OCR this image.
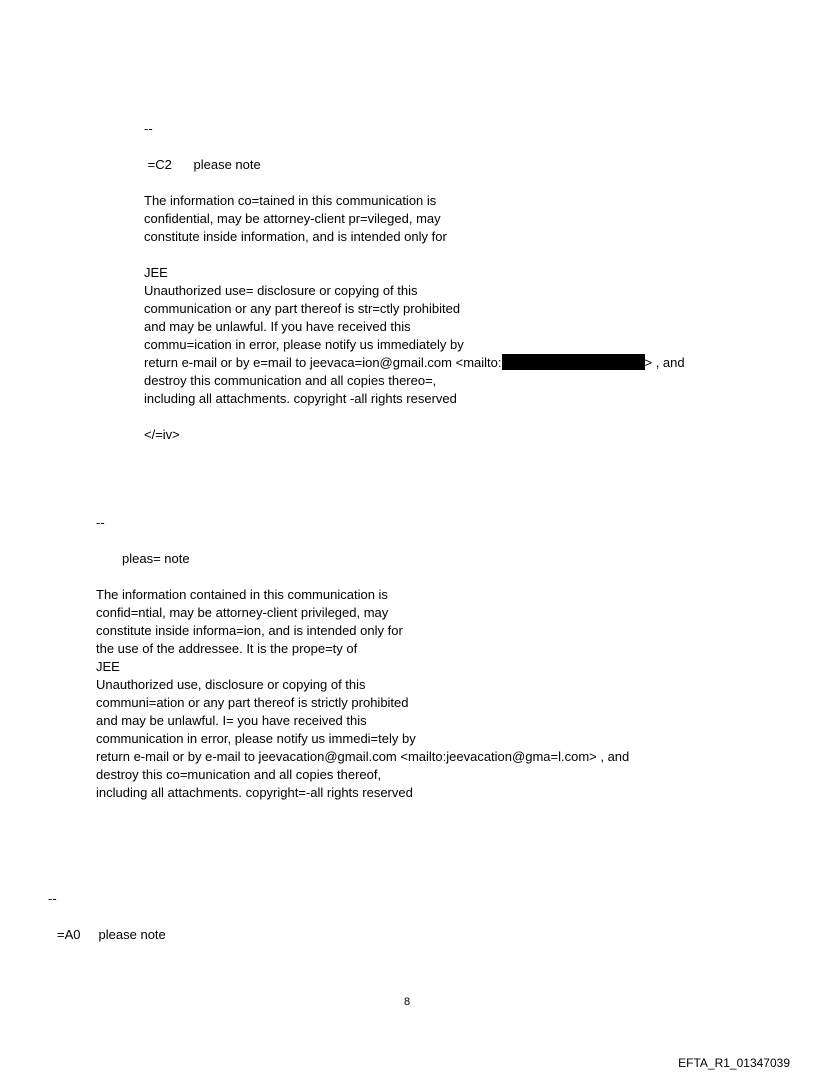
--
=C2      please note
The information co=tained in this communication is
confidential, may be attorney-client pr=vileged, may
constitute inside information, and is intended only for
JEE
Unauthorized use= disclosure or copying of this
communication or any part thereof is str=ctly prohibited
and may be unlawful. If you have received this
commu=ication in error, please notify us immediately by
return e-mail or by e=mail to jeevaca=ion@gmail.com <mailto:	> , and
destroy this communication and all copies thereo=,
including all attachments. copyright -all rights reserved
</=iv>
--
pleas= note
The information contained in this communication is
confid=ntial, may be attorney-client privileged, may
constitute inside informa=ion, and is intended only for
the use of the addressee. It is the prope=ty of
JEE
Unauthorized use, disclosure or copying of this
communi=ation or any part thereof is strictly prohibited
and may be unlawful. I= you have received this
communication in error, please notify us immedi=tely by
return e-mail or by e-mail to jeevacation@gmail.com <mailto:jeevacation@gma=l.com> , and
destroy this co=munication and all copies thereof,
including all attachments. copyright=-all rights reserved
--
=A0     please note
8
EFTA_R1_01347039
